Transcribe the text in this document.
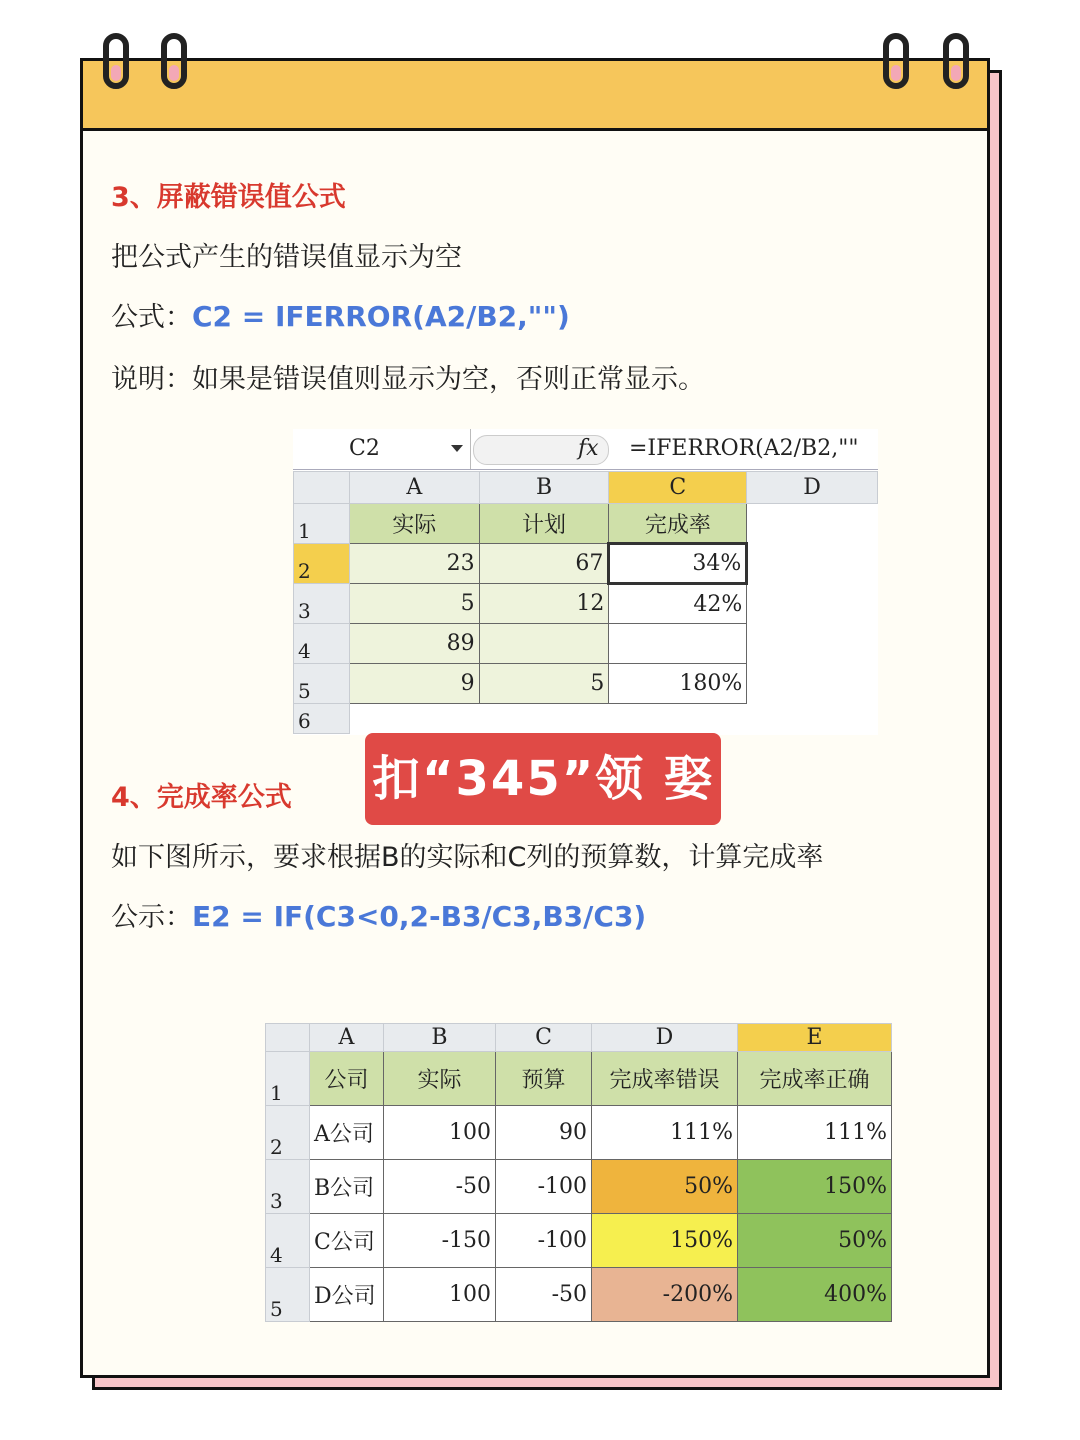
3、屏蔽错误值公式
把公式产生的错误值显示为空
公式：C2 = IFERROR(A2/B2,"")
说明：如果是错误值则显示为空，否则正常显示。
C2	fx =IFERROR(A2/B2,""
	A	B	C	D
1	实际	计划	完成率	
2	23	67	34%	
3	5	12	42%	
4	89			
5	9	5	180%	
6				
扣“345”领 娶
4、完成率公式
如下图所示，要求根据B的实际和C列的预算数，计算完成率
公示：E2 = IF(C3<0,2-B3/C3,B3/C3)
	A	B	C	D	E
1	公司	实际	预算	完成率错误	完成率正确
2	A公司	100	90	111%	111%
3	B公司	-50	-100	50%	150%
4	C公司	-150	-100	150%	50%
5	D公司	100	-50	-200%	400%
